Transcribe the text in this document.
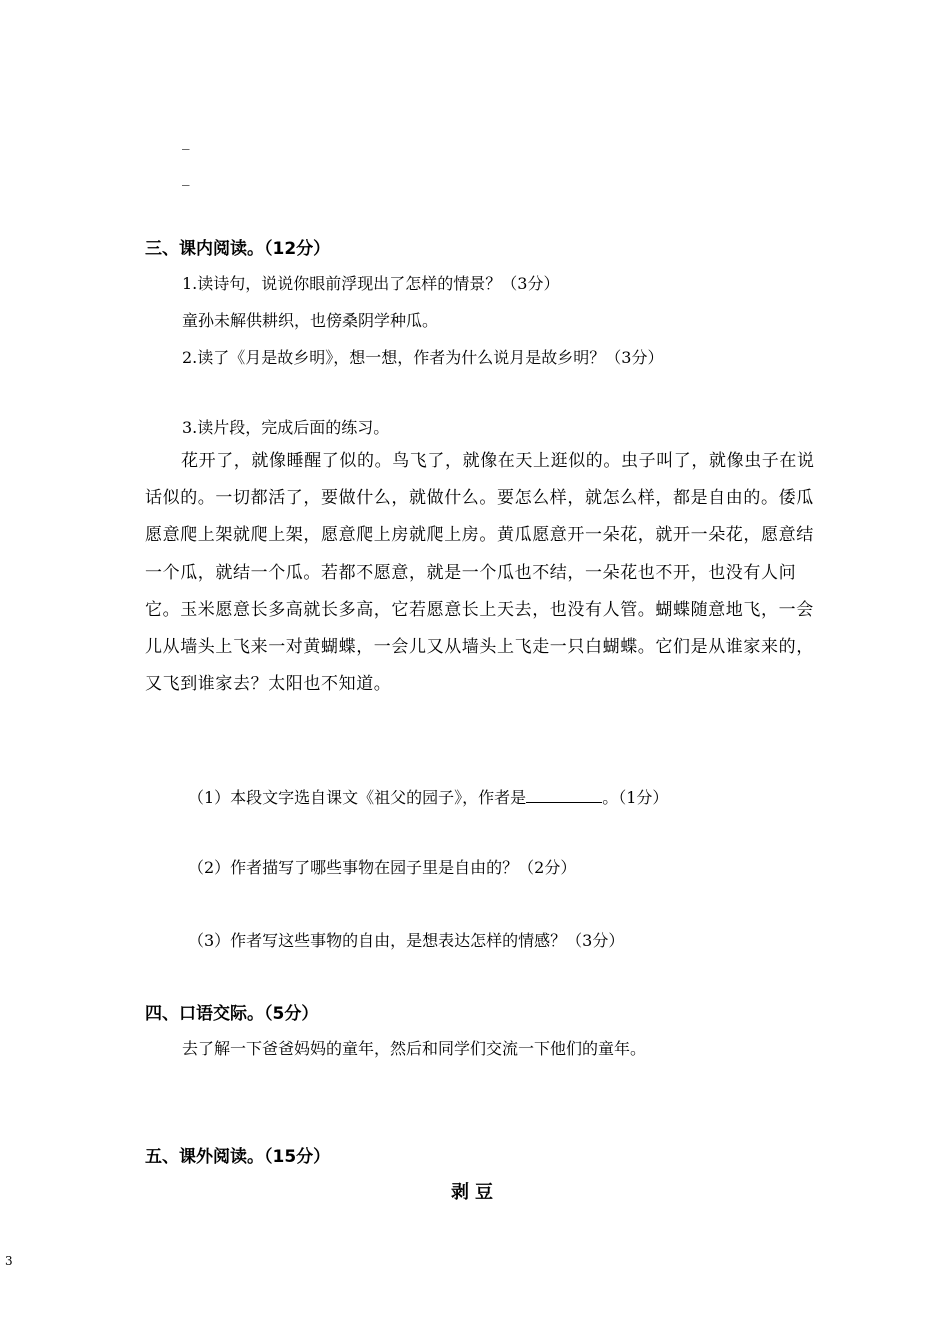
_
_
三、课内阅读。（12分）
1.读诗句，说说你眼前浮现出了怎样的情景？（3分）
童孙未解供耕织，也傍桑阴学种瓜。
2.读了《月是故乡明》，想一想，作者为什么说月是故乡明？（3分）
3.读片段，完成后面的练习。
花开了，就像睡醒了似的。鸟飞了，就像在天上逛似的。虫子叫了，就像虫子在说话似的。一切都活了，要做什么，就做什么。要怎么样，就怎么样，都是自由的。倭瓜愿意爬上架就爬上架，愿意爬上房就爬上房。黄瓜愿意开一朵花，就开一朵花，愿意结一个瓜，就结一个瓜。若都不愿意，就是一个瓜也不结，一朵花也不开，也没有人问它。玉米愿意长多高就长多高，它若愿意长上天去，也没有人管。蝴蝶随意地飞，一会儿从墙头上飞来一对黄蝴蝶，一会儿又从墙头上飞走一只白蝴蝶。它们是从谁家来的，又飞到谁家去？太阳也不知道。
（1）本段文字选自课文《祖父的园子》，作者是	。（1分）
（2）作者描写了哪些事物在园子里是自由的？（2分）
（3）作者写这些事物的自由，是想表达怎样的情感？（3分）
四、口语交际。（5分）
去了解一下爸爸妈妈的童年，然后和同学们交流一下他们的童年。
五、课外阅读。（15分）
剥豆
3
